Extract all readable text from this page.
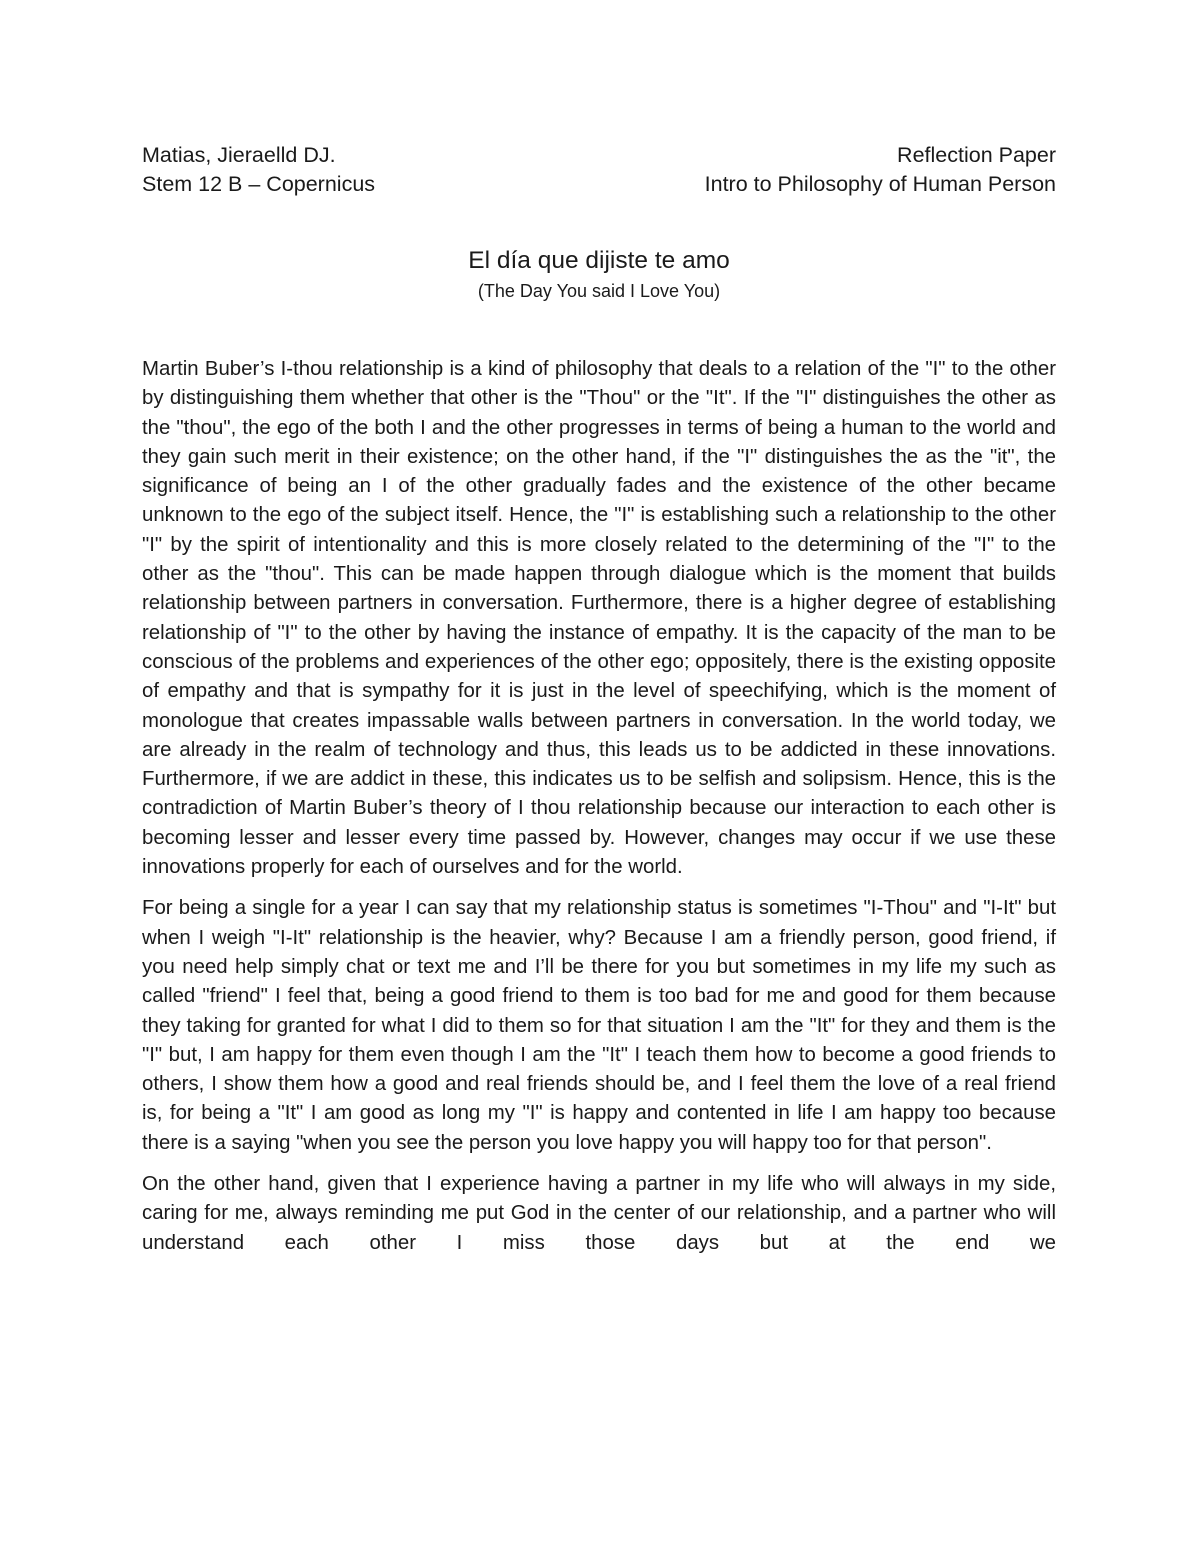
Matias, Jieraelld DJ.	Reflection Paper
Stem 12 B – Copernicus	Intro to Philosophy of Human Person
El día que dijiste te amo

(The Day You said I Love You)

Martin Buber’s I-thou relationship is a kind of philosophy that deals to a relation of the "I" to the other by distinguishing them whether that other is the "Thou" or the "It". If the "I" distinguishes the other as the "thou", the ego of the both I and the other progresses in terms of being a human to the world and they gain such merit in their existence; on the other hand, if the "I" distinguishes the as the "it", the significance of being an I of the other gradually fades and the existence of the other became unknown to the ego of the subject itself. Hence, the "I" is establishing such a relationship to the other "I" by the spirit of intentionality and this is more closely related to the determining of the "I" to the other as the "thou". This can be made happen through dialogue which is the moment that builds relationship between partners in conversation. Furthermore, there is a higher degree of establishing relationship of "I" to the other by having the instance of empathy. It is the capacity of the man to be conscious of the problems and experiences of the other ego; oppositely, there is the existing opposite of empathy and that is sympathy for it is just in the level of speechifying, which is the moment of monologue that creates impassable walls between partners in conversation. In the world today, we are already in the realm of technology and thus, this leads us to be addicted in these innovations. Furthermore, if we are addict in these, this indicates us to be selfish and solipsism. Hence, this is the contradiction of Martin Buber’s theory of I thou relationship because our interaction to each other is becoming lesser and lesser every time passed by. However, changes may occur if we use these innovations properly for each of ourselves and for the world.

For being a single for a year I can say that my relationship status is sometimes "I-Thou" and "I-It" but when I weigh "I-It" relationship is the heavier, why? Because I am a friendly person, good friend, if you need help simply chat or text me and I’ll be there for you but sometimes in my life my such as called "friend" I feel that, being a good friend to them is too bad for me and good for them because they taking for granted for what I did to them so for that situation I am the "It" for they and them is the "I" but, I am happy for them even though I am the "It" I teach them how to become a good friends to others, I show them how a good and real friends should be, and I feel them the love of a real friend is, for being a "It" I am good as long my "I" is happy and contented in life I am happy too because there is a saying "when you see the person you love happy you will happy too for that person".

On the other hand, given that I experience having a partner in my life who will always in my side, caring for me, always reminding me put God in the center of our relationship, and a partner who will understand each other I miss those days but at the end we
